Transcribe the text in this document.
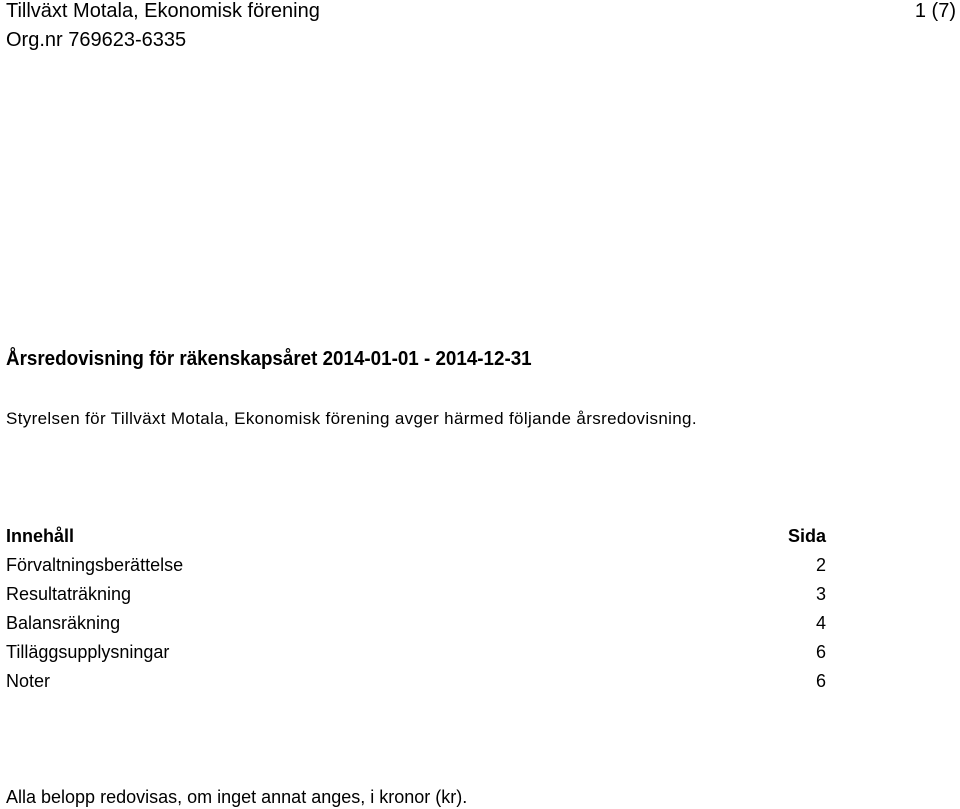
Tillväxt Motala, Ekonomisk förening
Org.nr 769623-6335
1 (7)
Årsredovisning för räkenskapsåret 2014-01-01 - 2014-12-31
Styrelsen för Tillväxt Motala, Ekonomisk förening avger härmed följande årsredovisning.
Innehåll	Sida
Förvaltningsberättelse	2
Resultaträkning	3
Balansräkning	4
Tilläggsupplysningar	6
Noter	6
Alla belopp redovisas, om inget annat anges, i kronor (kr).
